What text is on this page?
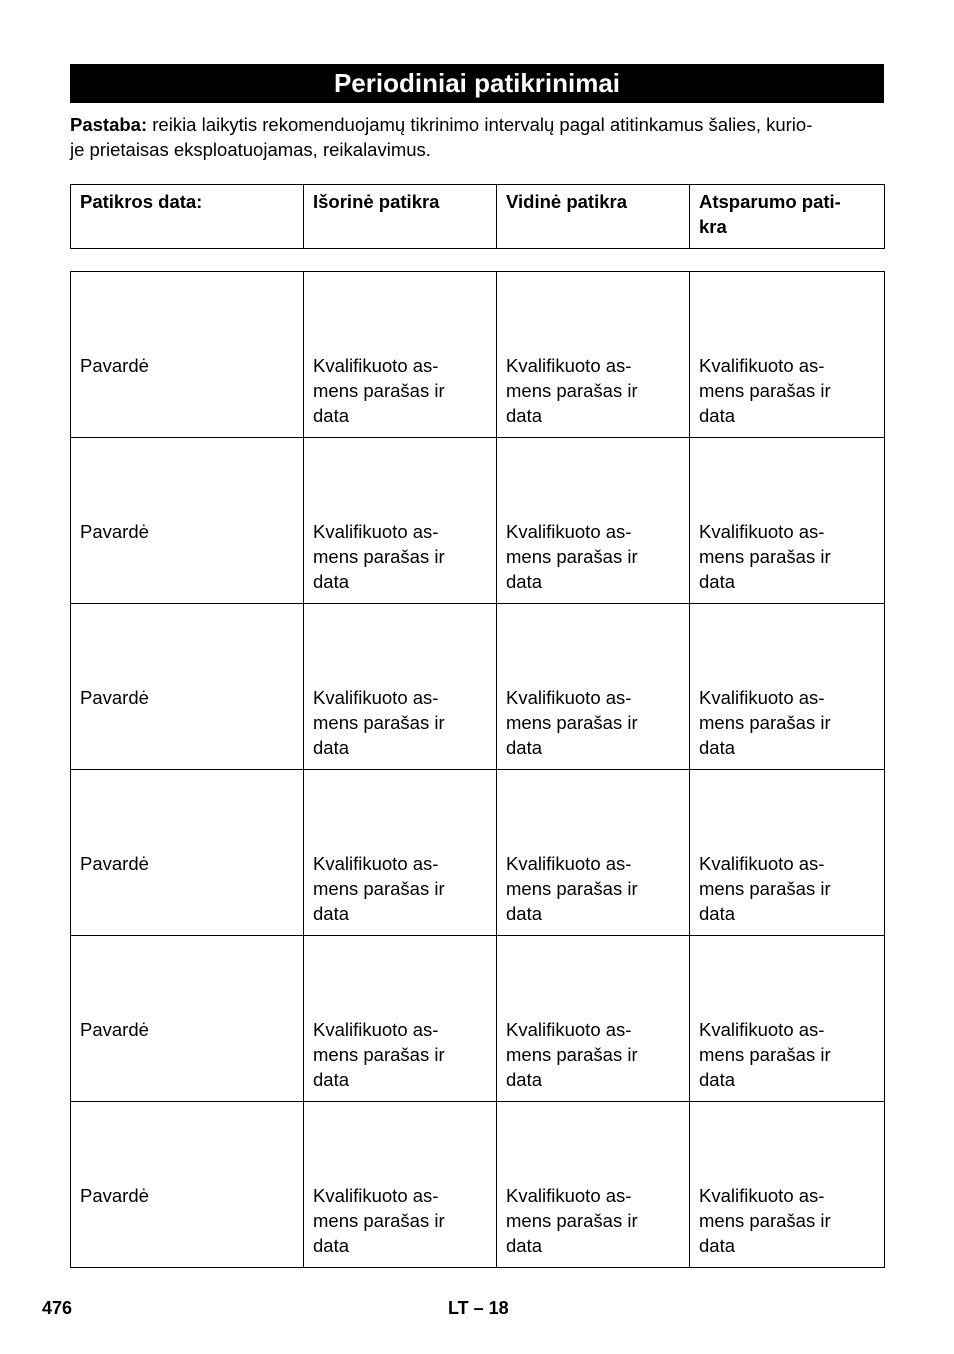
Periodiniai patikrinimai
Pastaba: reikia laikytis rekomenduojamų tikrinimo intervalų pagal atitinkamus šalies, kurio-
je prietaisas eksploatuojamas, reikalavimus.
Patikros data:	Išorinė patikra	Vidinė patikra	Atsparumo pati-
kra
Pavardė	Kvalifikuoto as-
mens parašas ir
data	Kvalifikuoto as-
mens parašas ir
data	Kvalifikuoto as-
mens parašas ir
data
Pavardė	Kvalifikuoto as-
mens parašas ir
data	Kvalifikuoto as-
mens parašas ir
data	Kvalifikuoto as-
mens parašas ir
data
Pavardė	Kvalifikuoto as-
mens parašas ir
data	Kvalifikuoto as-
mens parašas ir
data	Kvalifikuoto as-
mens parašas ir
data
Pavardė	Kvalifikuoto as-
mens parašas ir
data	Kvalifikuoto as-
mens parašas ir
data	Kvalifikuoto as-
mens parašas ir
data
Pavardė	Kvalifikuoto as-
mens parašas ir
data	Kvalifikuoto as-
mens parašas ir
data	Kvalifikuoto as-
mens parašas ir
data
Pavardė	Kvalifikuoto as-
mens parašas ir
data	Kvalifikuoto as-
mens parašas ir
data	Kvalifikuoto as-
mens parašas ir
data
476	LT – 18
